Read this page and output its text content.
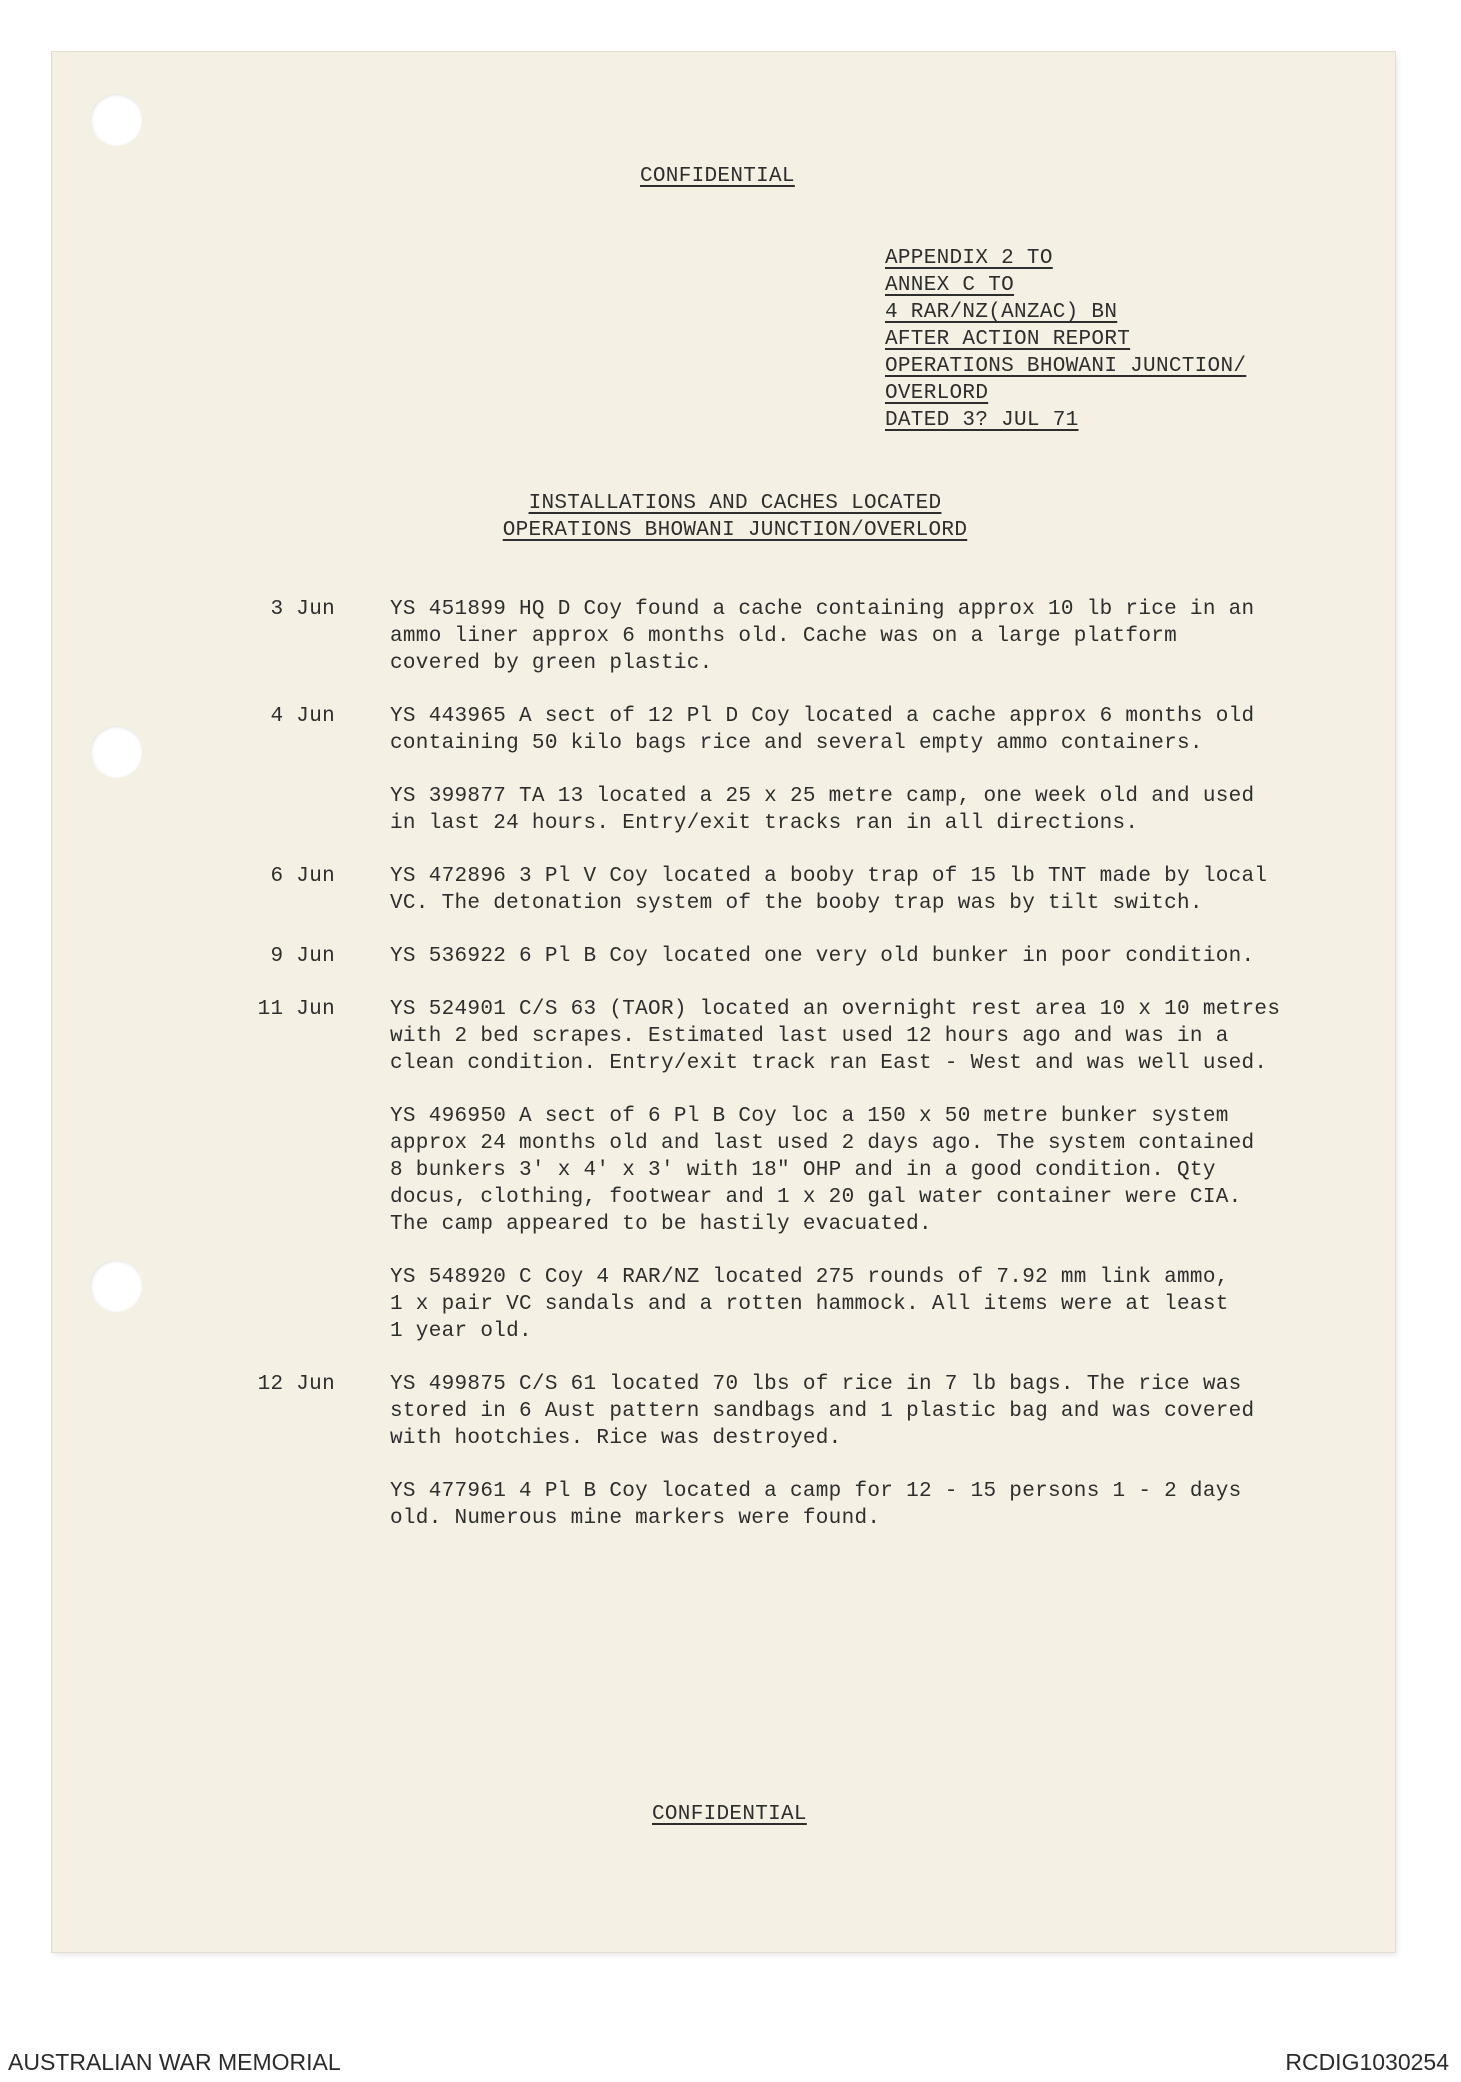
CONFIDENTIAL
APPENDIX 2 TO
ANNEX C TO
4 RAR/NZ(ANZAC) BN
AFTER ACTION REPORT
OPERATIONS BHOWANI JUNCTION/
OVERLORD
DATED 3? JUL 71
INSTALLATIONS AND CACHES LOCATED
OPERATIONS BHOWANI JUNCTION/OVERLORD
3 Jun	YS 451899 HQ D Coy found a cache containing approx 10 lb rice in an
ammo liner approx 6 months old. Cache was on a large platform
covered by green plastic.
4 Jun	YS 443965 A sect of 12 Pl D Coy located a cache approx 6 months old
containing 50 kilo bags rice and several empty ammo containers.
YS 399877 TA 13 located a 25 x 25 metre camp, one week old and used
in last 24 hours. Entry/exit tracks ran in all directions.
6 Jun	YS 472896 3 Pl V Coy located a booby trap of 15 lb TNT made by local
VC. The detonation system of the booby trap was by tilt switch.
9 Jun	YS 536922 6 Pl B Coy located one very old bunker in poor condition.
11 Jun	YS 524901 C/S 63 (TAOR) located an overnight rest area 10 x 10 metres
with 2 bed scrapes. Estimated last used 12 hours ago and was in a
clean condition. Entry/exit track ran East - West and was well used.
YS 496950 A sect of 6 Pl B Coy loc a 150 x 50 metre bunker system
approx 24 months old and last used 2 days ago. The system contained
8 bunkers 3' x 4' x 3' with 18" OHP and in a good condition. Qty
docus, clothing, footwear and 1 x 20 gal water container were CIA.
The camp appeared to be hastily evacuated.
YS 548920 C Coy 4 RAR/NZ located 275 rounds of 7.92 mm link ammo,
1 x pair VC sandals and a rotten hammock. All items were at least
1 year old.
12 Jun	YS 499875 C/S 61 located 70 lbs of rice in 7 lb bags. The rice was
stored in 6 Aust pattern sandbags and 1 plastic bag and was covered
with hootchies. Rice was destroyed.
YS 477961 4 Pl B Coy located a camp for 12 - 15 persons 1 - 2 days
old. Numerous mine markers were found.
CONFIDENTIAL
AUSTRALIAN WAR MEMORIAL	RCDIG1030254
